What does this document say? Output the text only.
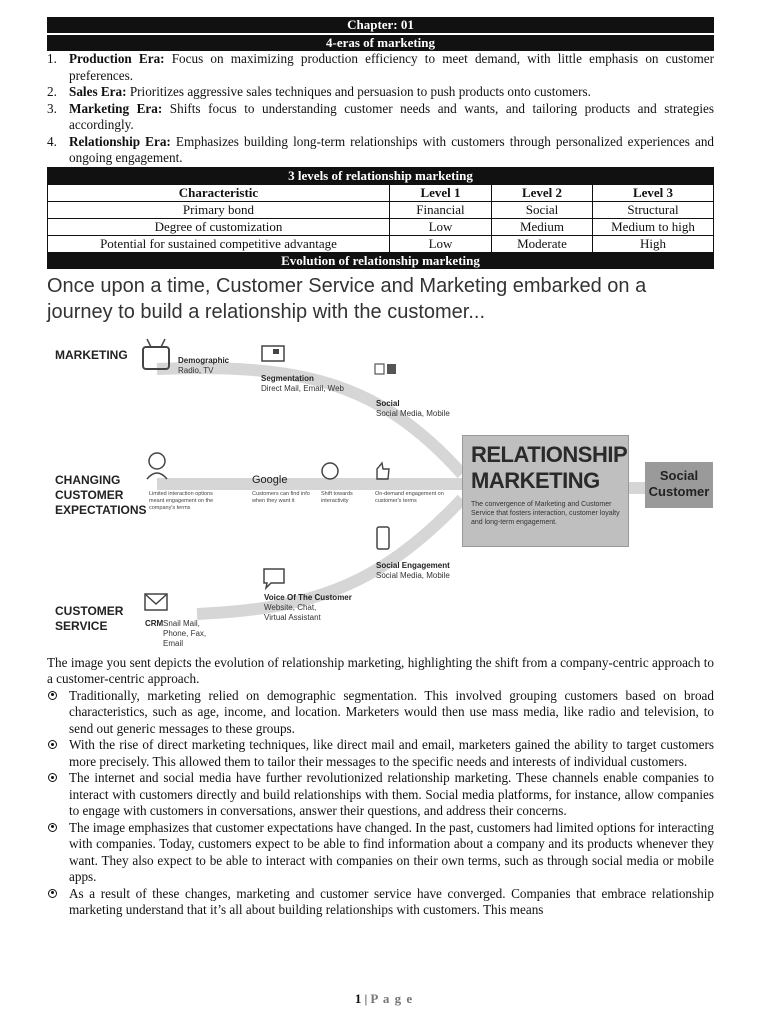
Chapter: 01
4-eras of marketing
1. Production Era: Focus on maximizing production efficiency to meet demand, with little emphasis on customer preferences.
2. Sales Era: Prioritizes aggressive sales techniques and persuasion to push products onto customers.
3. Marketing Era: Shifts focus to understanding customer needs and wants, and tailoring products and strategies accordingly.
4. Relationship Era: Emphasizes building long-term relationships with customers through personalized experiences and ongoing engagement.
3 levels of relationship marketing			
Characteristic	Level 1	Level 2	Level 3
Primary bond	Financial	Social	Structural
Degree of customization	Low	Medium	Medium to high
Potential for sustained competitive advantage	Low	Moderate	High
Evolution of relationship marketing
Once upon a time, Customer Service and Marketing embarked on a journey to build a relationship with the customer...
MARKETING
CHANGING CUSTOMER EXPECTATIONS
CUSTOMER SERVICE
Demographic
Radio, TV
Segmentation
Direct Mail, Email, Web
Social
Social Media, Mobile
Limited interaction options meant engagement on the company's terms
Google
Customers can find info when they want it
Shift towards interactivity
On-demand engagement on customer's terms
Social Engagement
Social Media, Mobile
Voice Of The Customer
Website, Chat, Virtual Assistant
CRM Snail Mail, Phone, Fax, Email
RELATIONSHIP MARKETING
The convergence of Marketing and Customer Service that fosters interaction, customer loyalty and long-term engagement.
Social Customer
The image you sent depicts the evolution of relationship marketing, highlighting the shift from a company-centric approach to a customer-centric approach.
Traditionally, marketing relied on demographic segmentation. This involved grouping customers based on broad characteristics, such as age, income, and location. Marketers would then use mass media, like radio and television, to send out generic messages to these groups.
With the rise of direct marketing techniques, like direct mail and email, marketers gained the ability to target customers more precisely. This allowed them to tailor their messages to the specific needs and interests of individual customers.
The internet and social media have further revolutionized relationship marketing. These channels enable companies to interact with customers directly and build relationships with them. Social media platforms, for instance, allow companies to engage with customers in conversations, answer their questions, and address their concerns.
The image emphasizes that customer expectations have changed. In the past, customers had limited options for interacting with companies. Today, customers expect to be able to find information about a company and its products whenever they want. They also expect to be able to interact with companies on their own terms, such as through social media or mobile apps.
As a result of these changes, marketing and customer service have converged. Companies that embrace relationship marketing understand that it’s all about building relationships with customers. This means
1 | P a g e
